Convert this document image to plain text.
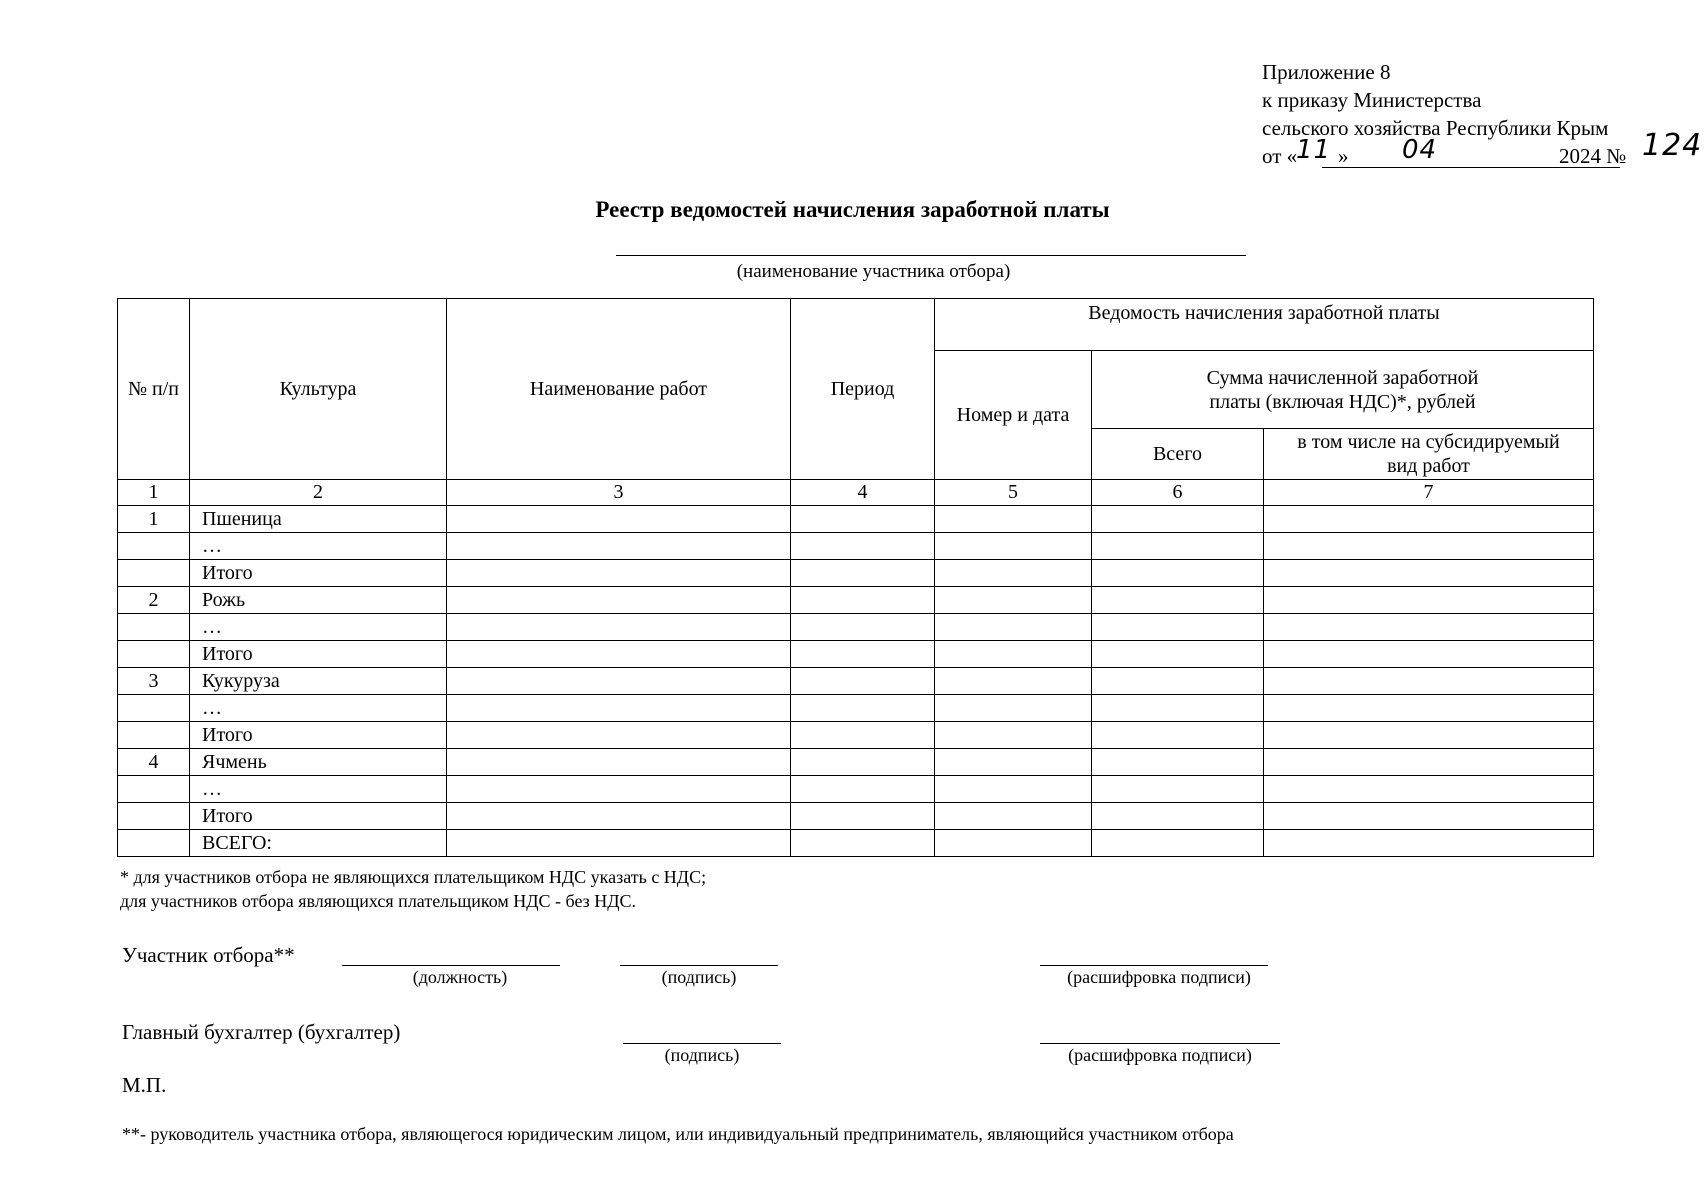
Приложение 8
к приказу Министерства
сельского хозяйства Республики Крым
от «
11 » 04	2024 № 124
Реестр ведомостей начисления заработной платы
(наименование участника отбора)
№ п/п	Культура	Наименование работ	Период	Ведомость начисления заработной платы		
				Номер и дата	Сумма начисленной заработной платы (включая НДС)*, рублей	
					Всего	в том числе на субсидируемый вид работ
1	2	3	4	5	6	7
1	Пшеница					
	…					
	Итого					
2	Рожь					
	…					
	Итого					
3	Кукуруза					
	…					
	Итого					
4	Ячмень					
	…					
	Итого					
	ВСЕГО:					
* для участников отбора не являющихся плательщиком НДС указать с НДС;
для участников отбора являющихся плательщиком НДС - без НДС.
Участник отбора**
(должность)	(подпись)	(расшифровка подписи)
Главный бухгалтер (бухгалтер)
(подпись)	(расшифровка подписи)
М.П.
**- руководитель участника отбора, являющегося юридическим лицом, или индивидуальный предприниматель, являющийся участником отбора
